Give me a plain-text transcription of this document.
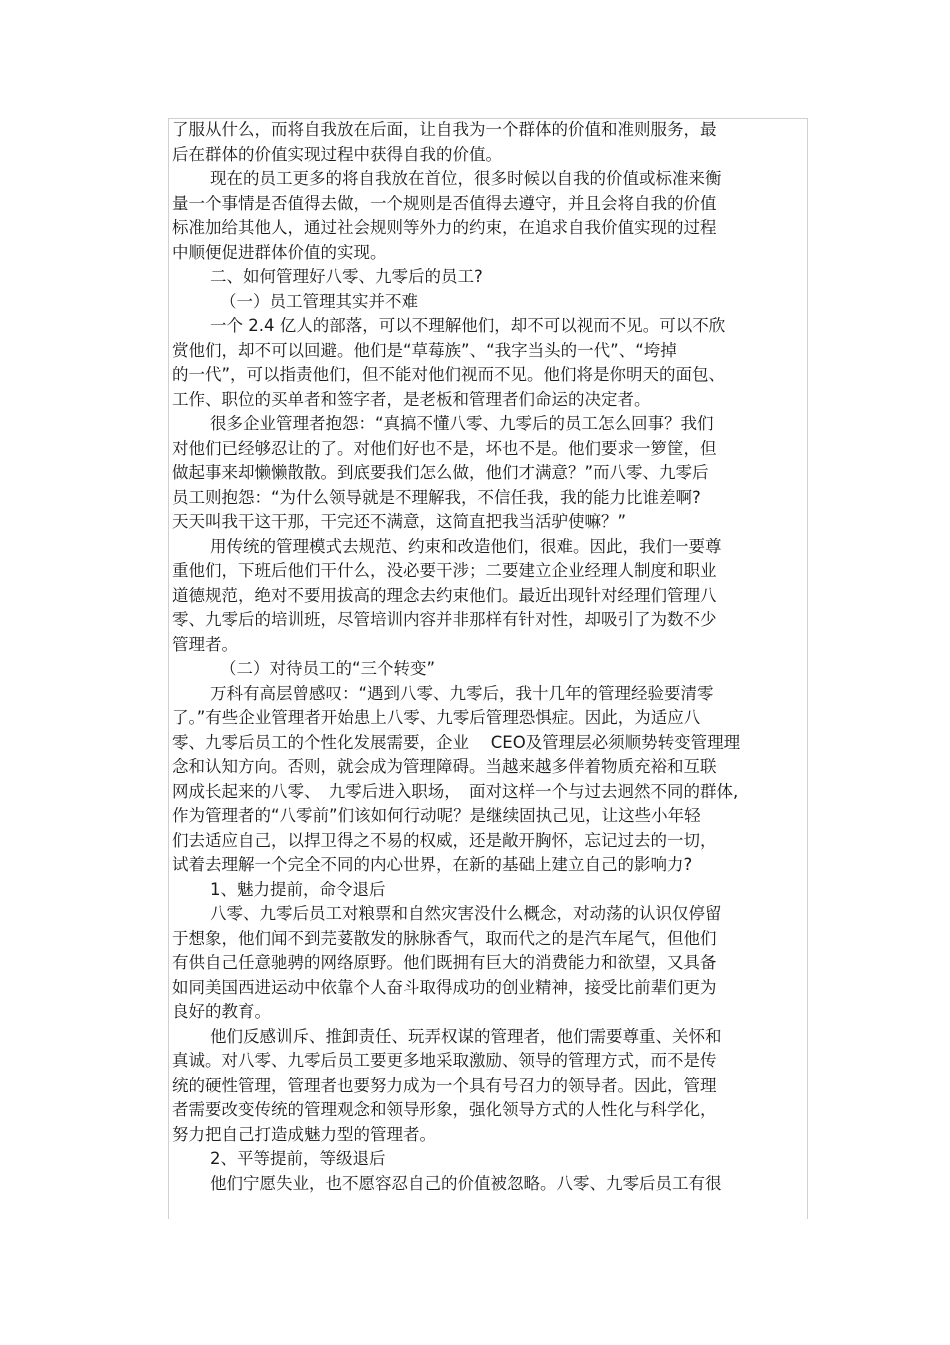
了服从什么，而将自我放在后面，让自我为一个群体的价值和准则服务，最
后在群体的价值实现过程中获得自我的价值。
现在的员工更多的将自我放在首位，很多时候以自我的价值或标准来衡
量一个事情是否值得去做，一个规则是否值得去遵守，并且会将自我的价值
标准加给其他人，通过社会规则等外力的约束，在追求自我价值实现的过程
中顺便促进群体价值的实现。
二、如何管理好八零、九零后的员工?
（一）员工管理其实并不难
一个 2.4 亿人的部落，可以不理解他们，却不可以视而不见。可以不欣
赏他们，却不可以回避。他们是“草莓族”、“我字当头的一代”、“垮掉
的一代”，可以指责他们，但不能对他们视而不见。他们将是你明天的面包、
工作、职位的买单者和签字者，是老板和管理者们命运的决定者。
很多企业管理者抱怨：“真搞不懂八零、九零后的员工怎么回事？我们
对他们已经够忍让的了。对他们好也不是，坏也不是。他们要求一箩筐，但
做起事来却懒懒散散。到底要我们怎么做，他们才满意？”而八零、九零后
员工则抱怨：“为什么领导就是不理解我，不信任我，我的能力比谁差啊?
天天叫我干这干那，干完还不满意，这简直把我当活驴使嘛？”
用传统的管理模式去规范、约束和改造他们，很难。因此，我们一要尊
重他们，下班后他们干什么，没必要干涉；二要建立企业经理人制度和职业
道德规范，绝对不要用拔高的理念去约束他们。最近出现针对经理们管理八
零、九零后的培训班，尽管培训内容并非那样有针对性，却吸引了为数不少
管理者。
（二）对待员工的“三个转变”
万科有高层曾感叹：“遇到八零、九零后，我十几年的管理经验要清零
了。”有些企业管理者开始患上八零、九零后管理恐惧症。因此，为适应八
零、九零后员工的个性化发展需要，企业　 CEO及管理层必须顺势转变管理理
念和认知方向。否则，就会成为管理障碍。当越来越多伴着物质充裕和互联
网成长起来的八零、　九零后进入职场，　面对这样一个与过去迥然不同的群体,
作为管理者的“八零前”们该如何行动呢？是继续固执己见，让这些小年轻
们去适应自己，以捍卫得之不易的权威，还是敞开胸怀，忘记过去的一切，
试着去理解一个完全不同的内心世界，在新的基础上建立自己的影响力?
1、魅力提前，命令退后
八零、九零后员工对粮票和自然灾害没什么概念，对动荡的认识仅停留
于想象，他们闻不到芫荽散发的脉脉香气，取而代之的是汽车尾气，但他们
有供自己任意驰骋的网络原野。他们既拥有巨大的消费能力和欲望，又具备
如同美国西进运动中依靠个人奋斗取得成功的创业精神，接受比前辈们更为
良好的教育。
他们反感训斥、推卸责任、玩弄权谋的管理者，他们需要尊重、关怀和
真诚。对八零、九零后员工要更多地采取激励、领导的管理方式，而不是传
统的硬性管理，管理者也要努力成为一个具有号召力的领导者。因此，管理
者需要改变传统的管理观念和领导形象，强化领导方式的人性化与科学化，
努力把自己打造成魅力型的管理者。
2、平等提前，等级退后
他们宁愿失业，也不愿容忍自己的价值被忽略。八零、九零后员工有很
